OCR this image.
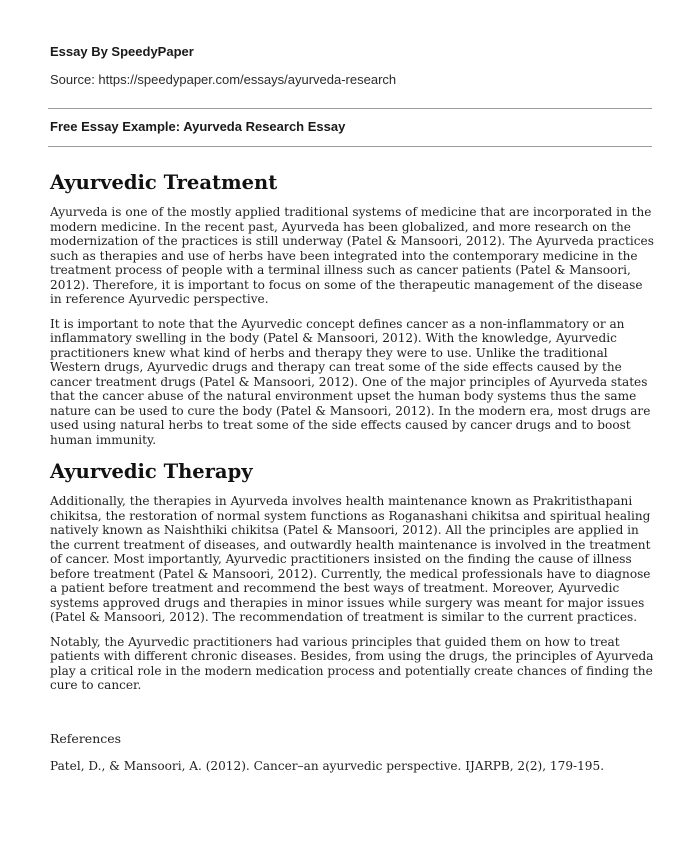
Essay By SpeedyPaper
Source: https://speedypaper.com/essays/ayurveda-research
Free Essay Example: Ayurveda Research Essay
Ayurvedic Treatment

Ayurveda is one of the mostly applied traditional systems of medicine that are incorporated in the modern medicine. In the recent past, Ayurveda has been globalized, and more research on the modernization of the practices is still underway (Patel & Mansoori, 2012). The Ayurveda practices such as therapies and use of herbs have been integrated into the contemporary medicine in the treatment process of people with a terminal illness such as cancer patients (Patel & Mansoori, 2012). Therefore, it is important to focus on some of the therapeutic management of the disease in reference Ayurvedic perspective.

It is important to note that the Ayurvedic concept defines cancer as a non-inflammatory or an inflammatory swelling in the body (Patel & Mansoori, 2012). With the knowledge, Ayurvedic practitioners knew what kind of herbs and therapy they were to use. Unlike the traditional Western drugs, Ayurvedic drugs and therapy can treat some of the side effects caused by the cancer treatment drugs (Patel & Mansoori, 2012). One of the major principles of Ayurveda states that the cancer abuse of the natural environment upset the human body systems thus the same nature can be used to cure the body (Patel & Mansoori, 2012). In the modern era, most drugs are used using natural herbs to treat some of the side effects caused by cancer drugs and to boost human immunity.

Ayurvedic Therapy

Additionally, the therapies in Ayurveda involves health maintenance known as Prakritisthapani chikitsa, the restoration of normal system functions as Roganashani chikitsa and spiritual healing natively known as Naishthiki chikitsa (Patel & Mansoori, 2012). All the principles are applied in the current treatment of diseases, and outwardly health maintenance is involved in the treatment of cancer. Most importantly, Ayurvedic practitioners insisted on the finding the cause of illness before treatment (Patel & Mansoori, 2012). Currently, the medical professionals have to diagnose a patient before treatment and recommend the best ways of treatment. Moreover, Ayurvedic systems approved drugs and therapies in minor issues while surgery was meant for major issues (Patel & Mansoori, 2012). The recommendation of treatment is similar to the current practices.

Notably, the Ayurvedic practitioners had various principles that guided them on how to treat patients with different chronic diseases. Besides, from using the drugs, the principles of Ayurveda play a critical role in the modern medication process and potentially create chances of finding the cure to cancer.

References
Patel, D., & Mansoori, A. (2012). Cancer–an ayurvedic perspective. IJARPB, 2(2), 179-195.
